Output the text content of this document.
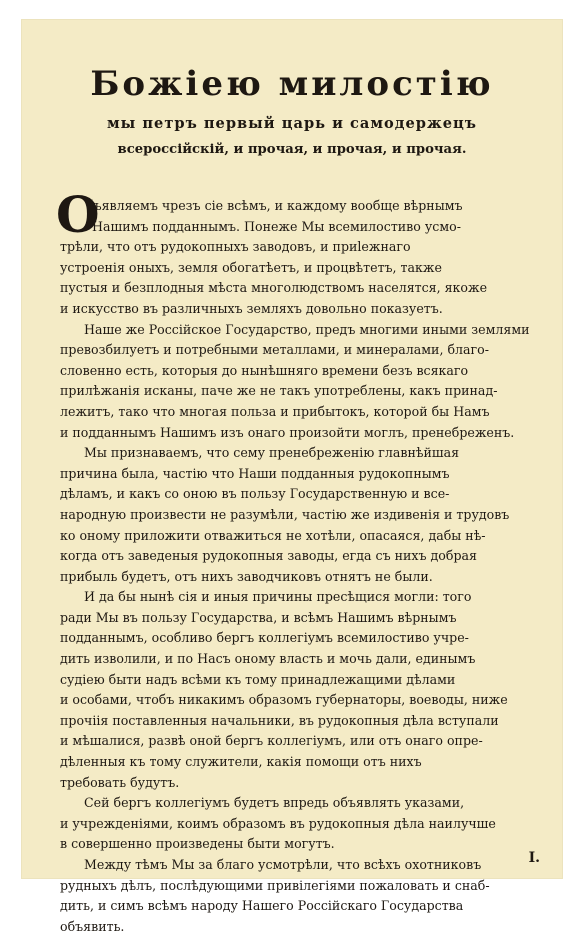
Божіею милостію
мы петръ первый царь и самодержецъ
всероссійскій, и прочая, и прочая, и прочая.
О
бъявляемъ чрезъ сіе всѣмъ, и каждому вообще вѣрнымъ
Нашимъ подданнымъ. Понеже Мы всемилостиво усмо-
трѣли, что отъ рудокопныхъ заводовъ, и приlежнаго
устроенія оныхъ, земля обогатѣетъ, и процвѣтетъ, также
пустыя и безплодныя мѣста многолюдствомъ населятся, якоже
и искусство въ различныхъ земляхъ довольно показуетъ.
Наше же Россійское Государство, предъ многими иными землями
превозбилуетъ и потребными металлами, и минералами, благо-
словенно есть, которыя до нынѣшняго времени безъ всякаго
прилѣжанія исканы, паче же не такъ употреблены, какъ принад-
лежитъ, тако что многая польза и прибытокъ, которой бы Намъ
и подданнымъ Нашимъ изъ онаго произойти моглъ, пренебреженъ.
Мы признаваемъ, что сему пренебреженію главнѣйшая
причина была, частію что Наши подданныя рудокопнымъ
дѣламъ, и какъ со оною въ пользу Государственную и все-
народную произвести не разумѣли, частію же издивенія и трудовъ
ко оному приложити отважиться не хотѣли, опасаяся, дабы нѣ-
когда отъ заведеныя рудокопныя заводы, егда съ нихъ добрая
прибыль будетъ, отъ нихъ заводчиковъ отнятъ не были.
И да бы нынѣ сія и иныя причины пресѣщися могли: того
ради Мы въ пользу Государства, и всѣмъ Нашимъ вѣрнымъ
подданнымъ, особливо бергъ коллегіумъ всемилостиво учре-
дить изволили, и по Насъ оному власть и мочь дали, единымъ
судіею быти надъ всѣми къ тому принадлежащими дѣлами
и особами, чтобъ никакимъ образомъ губернаторы, воеводы, ниже
прочіія поставленныя начальники, въ рудокопныя дѣла вступали
и мѣшалися, развѣ оной бергъ коллегіумъ, или отъ онаго опре-
дѣленныя къ тому служители, какія помощи отъ нихъ
требовать будутъ.
Сей бергъ коллегіумъ будетъ впредь объявлять указами,
и учрежденіями, коимъ образомъ въ рудокопныя дѣла наилучше
в совершенно произведены быти могутъ.
Между тѣмъ Мы за благо усмотрѣли, что всѣхъ охотниковъ
рудныхъ дѣлъ, послѣдующими привілегіями пожаловать и снаб-
дить, и симъ всѣмъ народу Нашего Россійскаго Государства
объявить.
I.
